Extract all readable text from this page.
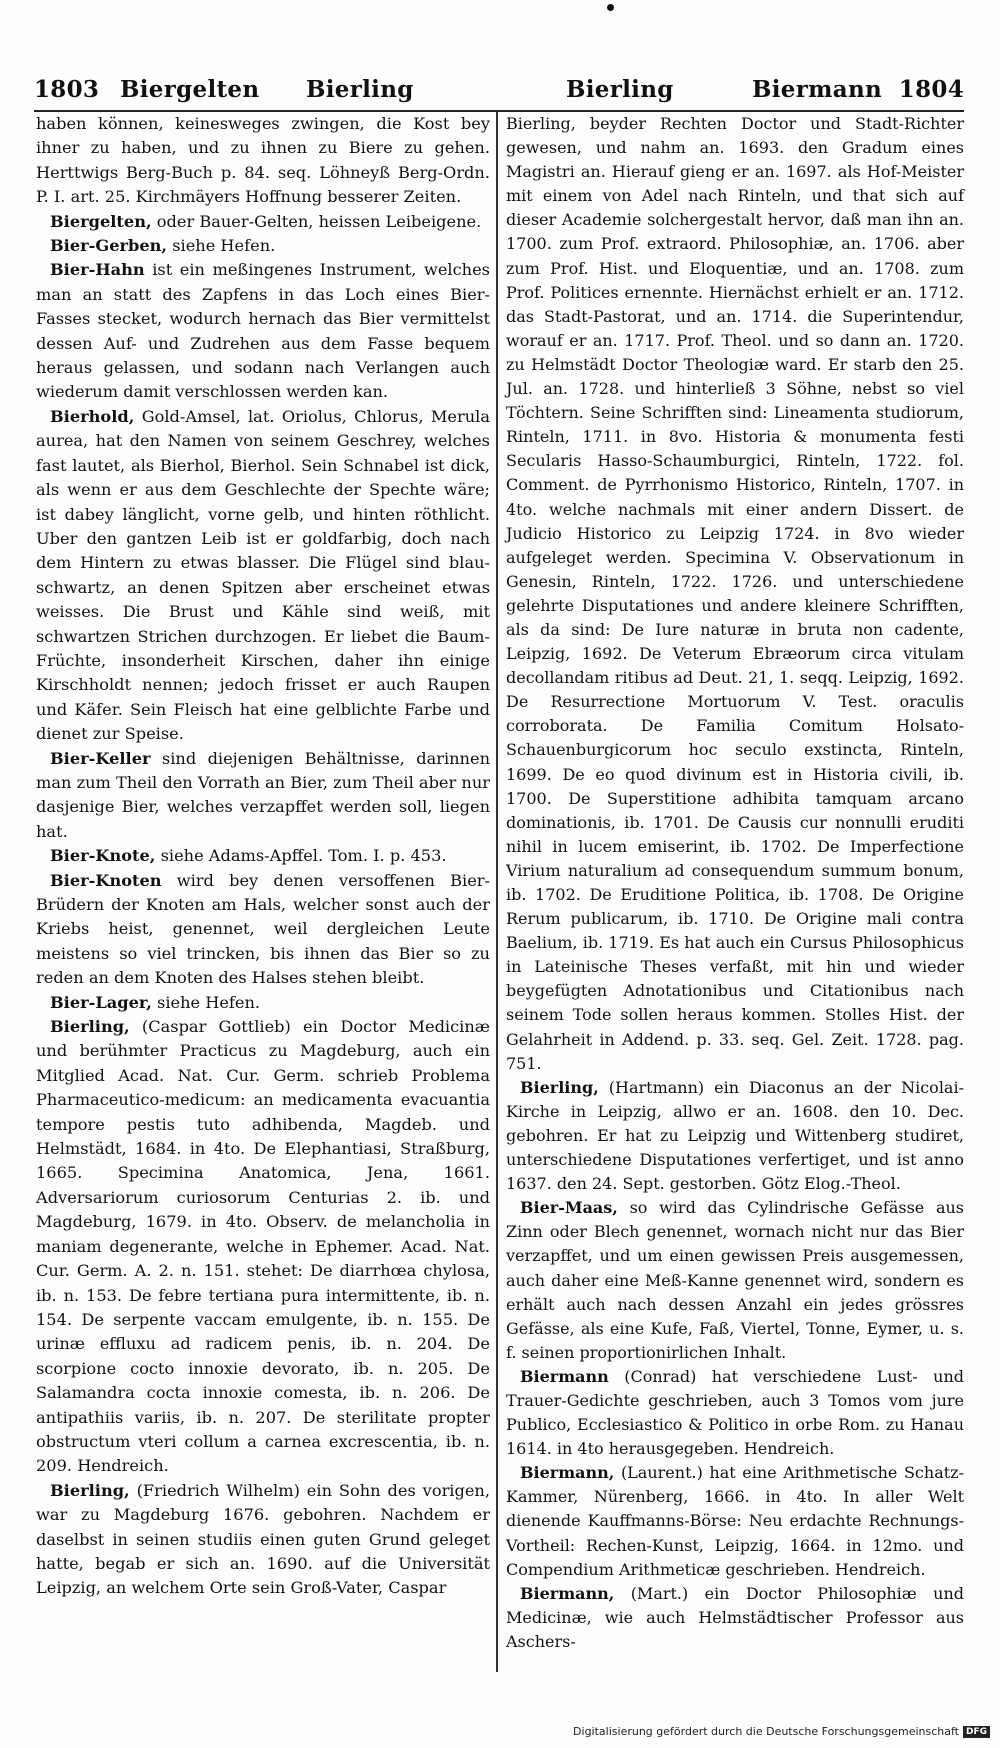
1803 Biergelten Bierling	Bierling	Biermann 1804

haben können, keinesweges zwingen, die Kost bey ihner zu haben, und zu ihnen zu Biere zu gehen. Herttwigs Berg-Buch p. 84. seq. Löhneyß Berg-Ordn. P. I. art. 25. Kirchmäyers Hoffnung besserer Zeiten.

Biergelten, oder Bauer-Gelten, heissen Leibeigene.

Bier-Gerben, siehe Hefen.

Bier-Hahn ist ein meßingenes Instrument, welches man an statt des Zapfens in das Loch eines Bier-Fasses stecket, wodurch hernach das Bier vermittelst dessen Auf- und Zudrehen aus dem Fasse bequem heraus gelassen, und sodann nach Verlangen auch wiederum damit verschlossen werden kan.

Bierhold, Gold-Amsel, lat. Oriolus, Chlorus, Merula aurea, hat den Namen von seinem Geschrey, welches fast lautet, als Bierhol, Bierhol. Sein Schnabel ist dick, als wenn er aus dem Geschlechte der Spechte wäre; ist dabey länglicht, vorne gelb, und hinten röthlicht. Uber den gantzen Leib ist er goldfarbig, doch nach dem Hintern zu etwas blasser. Die Flügel sind blau-schwartz, an denen Spitzen aber erscheinet etwas weisses. Die Brust und Kähle sind weiß, mit schwartzen Strichen durchzogen. Er liebet die Baum-Früchte, insonderheit Kirschen, daher ihn einige Kirschholdt nennen; jedoch frisset er auch Raupen und Käfer. Sein Fleisch hat eine gelblichte Farbe und dienet zur Speise.

Bier-Keller sind diejenigen Behältnisse, darinnen man zum Theil den Vorrath an Bier, zum Theil aber nur dasjenige Bier, welches verzapffet werden soll, liegen hat.

Bier-Knote, siehe Adams-Apffel. Tom. I. p. 453.

Bier-Knoten wird bey denen versoffenen Bier-Brüdern der Knoten am Hals, welcher sonst auch der Kriebs heist, genennet, weil dergleichen Leute meistens so viel trincken, bis ihnen das Bier so zu reden an dem Knoten des Halses stehen bleibt.

Bier-Lager, siehe Hefen.

Bierling, (Caspar Gottlieb) ein Doctor Medicinæ und berühmter Practicus zu Magdeburg, auch ein Mitglied Acad. Nat. Cur. Germ. schrieb Problema Pharmaceutico-medicum: an medicamenta evacuantia tempore pestis tuto adhibenda, Magdeb. und Helmstädt, 1684. in 4to. De Elephantiasi, Straßburg, 1665. Specimina Anatomica, Jena, 1661. Adversariorum curiosorum Centurias 2. ib. und Magdeburg, 1679. in 4to. Observ. de melancholia in maniam degenerante, welche in Ephemer. Acad. Nat. Cur. Germ. A. 2. n. 151. stehet: De diarrhœa chylosa, ib. n. 153. De febre tertiana pura intermittente, ib. n. 154. De serpente vaccam emulgente, ib. n. 155. De urinæ effluxu ad radicem penis, ib. n. 204. De scorpione cocto innoxie devorato, ib. n. 205. De Salamandra cocta innoxie comesta, ib. n. 206. De antipathiis variis, ib. n. 207. De sterilitate propter obstructum vteri collum a carnea excrescentia, ib. n. 209. Hendreich.

Bierling, (Friedrich Wilhelm) ein Sohn des vorigen, war zu Magdeburg 1676. gebohren. Nachdem er daselbst in seinen studiis einen guten Grund geleget hatte, begab er sich an. 1690. auf die Universität Leipzig, an welchem Orte sein Groß-Vater, Caspar

Bierling, beyder Rechten Doctor und Stadt-Richter gewesen, und nahm an. 1693. den Gradum eines Magistri an. Hierauf gieng er an. 1697. als Hof-Meister mit einem von Adel nach Rinteln, und that sich auf dieser Academie solchergestalt hervor, daß man ihn an. 1700. zum Prof. extraord. Philosophiæ, an. 1706. aber zum Prof. Hist. und Eloquentiæ, und an. 1708. zum Prof. Politices ernennte. Hiernächst erhielt er an. 1712. das Stadt-Pastorat, und an. 1714. die Superintendur, worauf er an. 1717. Prof. Theol. und so dann an. 1720. zu Helmstädt Doctor Theologiæ ward. Er starb den 25. Jul. an. 1728. und hinterließ 3 Söhne, nebst so viel Töchtern. Seine Schrifften sind: Lineamenta studiorum, Rinteln, 1711. in 8vo. Historia & monumenta festi Secularis Hasso-Schaumburgici, Rinteln, 1722. fol. Comment. de Pyrrhonismo Historico, Rinteln, 1707. in 4to. welche nachmals mit einer andern Dissert. de Judicio Historico zu Leipzig 1724. in 8vo wieder aufgeleget werden. Specimina V. Observationum in Genesin, Rinteln, 1722. 1726. und unterschiedene gelehrte Disputationes und andere kleinere Schrifften, als da sind: De Iure naturæ in bruta non cadente, Leipzig, 1692. De Veterum Ebræorum circa vitulam decollandam ritibus ad Deut. 21, 1. seqq. Leipzig, 1692. De Resurrectione Mortuorum V. Test. oraculis corroborata. De Familia Comitum Holsato-Schauenburgicorum hoc seculo exstincta, Rinteln, 1699. De eo quod divinum est in Historia civili, ib. 1700. De Superstitione adhibita tamquam arcano dominationis, ib. 1701. De Causis cur nonnulli eruditi nihil in lucem emiserint, ib. 1702. De Imperfectione Virium naturalium ad consequendum summum bonum, ib. 1702. De Eruditione Politica, ib. 1708. De Origine Rerum publicarum, ib. 1710. De Origine mali contra Baelium, ib. 1719. Es hat auch ein Cursus Philosophicus in Lateinische Theses verfaßt, mit hin und wieder beygefügten Adnotationibus und Citationibus nach seinem Tode sollen heraus kommen. Stolles Hist. der Gelahrheit in Addend. p. 33. seq. Gel. Zeit. 1728. pag. 751.

Bierling, (Hartmann) ein Diaconus an der Nicolai-Kirche in Leipzig, allwo er an. 1608. den 10. Dec. gebohren. Er hat zu Leipzig und Wittenberg studiret, unterschiedene Disputationes verfertiget, und ist anno 1637. den 24. Sept. gestorben. Götz Elog.-Theol.

Bier-Maas, so wird das Cylindrische Gefässe aus Zinn oder Blech genennet, wornach nicht nur das Bier verzapffet, und um einen gewissen Preis ausgemessen, auch daher eine Meß-Kanne genennet wird, sondern es erhält auch nach dessen Anzahl ein jedes grössres Gefässe, als eine Kufe, Faß, Viertel, Tonne, Eymer, u. s. f. seinen proportionirlichen Inhalt.

Biermann (Conrad) hat verschiedene Lust- und Trauer-Gedichte geschrieben, auch 3 Tomos vom jure Publico, Ecclesiastico & Politico in orbe Rom. zu Hanau 1614. in 4to herausgegeben. Hendreich.

Biermann, (Laurent.) hat eine Arithmetische Schatz-Kammer, Nürenberg, 1666. in 4to. In aller Welt dienende Kauffmanns-Börse: Neu erdachte Rechnungs-Vortheil: Rechen-Kunst, Leipzig, 1664. in 12mo. und Compendium Arithmeticæ geschrieben. Hendreich.

Biermann, (Mart.) ein Doctor Philosophiæ und Medicinæ, wie auch Helmstädtischer Professor aus Aschers-

Digitalisierung gefördert durch die Deutsche Forschungsgemeinschaft DFG
